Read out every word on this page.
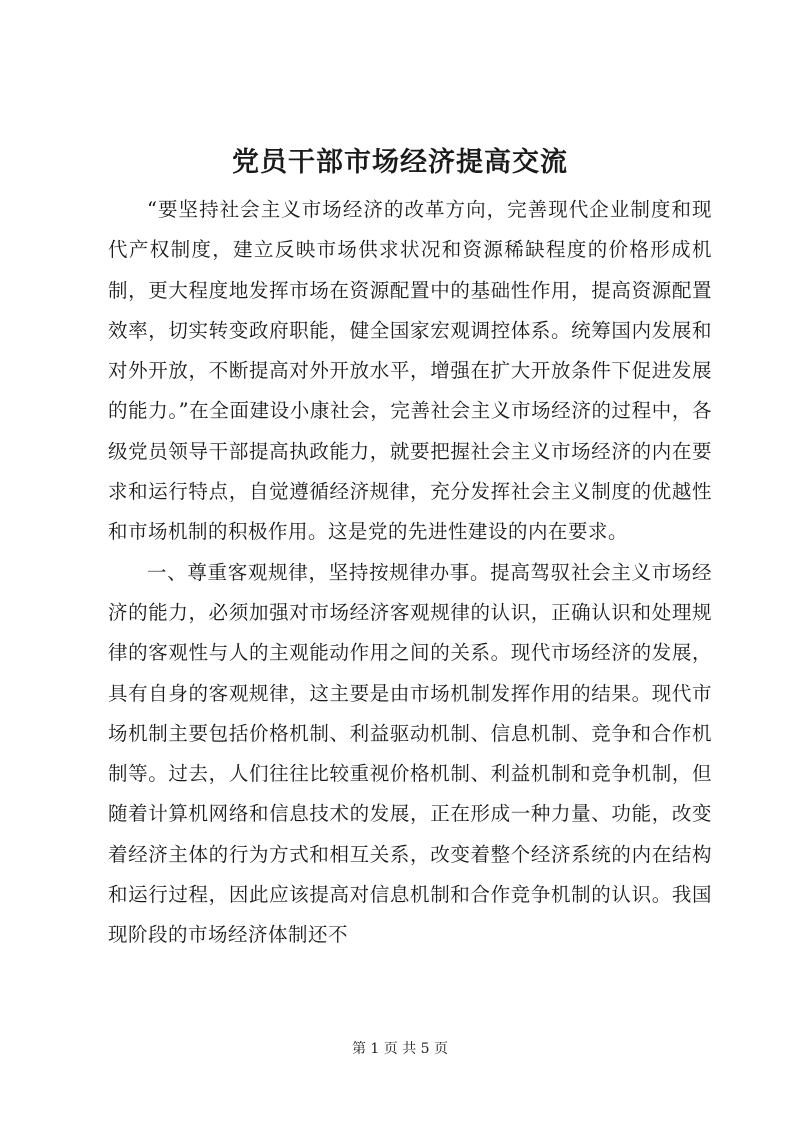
党员干部市场经济提高交流

“要坚持社会主义市场经济的改革方向，完善现代企业制度和现代产权制度，建立反映市场供求状况和资源稀缺程度的价格形成机制，更大程度地发挥市场在资源配置中的基础性作用，提高资源配置效率，切实转变政府职能，健全国家宏观调控体系。统筹国内发展和对外开放，不断提高对外开放水平，增强在扩大开放条件下促进发展的能力。”在全面建设小康社会，完善社会主义市场经济的过程中，各级党员领导干部提高执政能力，就要把握社会主义市场经济的内在要求和运行特点，自觉遵循经济规律，充分发挥社会主义制度的优越性和市场机制的积极作用。这是党的先进性建设的内在要求。

一、尊重客观规律，坚持按规律办事。提高驾驭社会主义市场经济的能力，必须加强对市场经济客观规律的认识，正确认识和处理规律的客观性与人的主观能动作用之间的关系。现代市场经济的发展，具有自身的客观规律，这主要是由市场机制发挥作用的结果。现代市场机制主要包括价格机制、利益驱动机制、信息机制、竞争和合作机制等。过去，人们往往比较重视价格机制、利益机制和竞争机制，但随着计算机网络和信息技术的发展，正在形成一种力量、功能，改变着经济主体的行为方式和相互关系，改变着整个经济系统的内在结构和运行过程，因此应该提高对信息机制和合作竞争机制的认识。我国现阶段的市场经济体制还不

第 1 页 共 5 页
